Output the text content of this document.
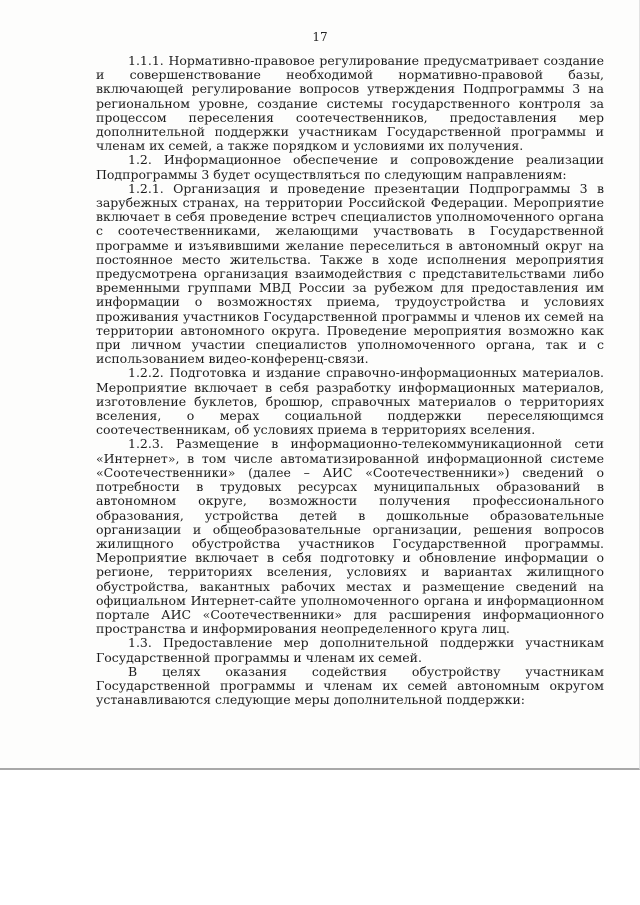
17

1.1.1. Нормативно-правовое регулирование предусматривает создание и совершенствование необходимой нормативно-правовой базы, включающей регулирование вопросов утверждения Подпрограммы 3 на региональном уровне, создание системы государственного контроля за процессом переселения соотечественников, предоставления мер дополнительной поддержки участникам Государственной программы и членам их семей, а также порядком и условиями их получения.

1.2. Информационное обеспечение и сопровождение реализации Подпрограммы 3 будет осуществляться по следующим направлениям:

1.2.1. Организация и проведение презентации Подпрограммы 3 в зарубежных странах, на территории Российской Федерации. Мероприятие включает в себя проведение встреч специалистов уполномоченного органа с соотечественниками, желающими участвовать в Государственной программе и изъявившими желание переселиться в автономный округ на постоянное место жительства. Также в ходе исполнения мероприятия предусмотрена организация взаимодействия с представительствами либо временными группами МВД России за рубежом для предоставления им информации о возможностях приема, трудоустройства и условиях проживания участников Государственной программы и членов их семей на территории автономного округа. Проведение мероприятия возможно как при личном участии специалистов уполномоченного органа, так и с использованием видео-конференц-связи.

1.2.2. Подготовка и издание справочно-информационных материалов. Мероприятие включает в себя разработку информационных материалов, изготовление буклетов, брошюр, справочных материалов о территориях вселения, о мерах социальной поддержки переселяющимся соотечественникам, об условиях приема в территориях вселения.

1.2.3. Размещение в информационно-телекоммуникационной сети «Интернет», в том числе автоматизированной информационной системе «Соотечественники» (далее – АИС «Соотечественники») сведений о потребности в трудовых ресурсах муниципальных образований в автономном округе, возможности получения профессионального образования, устройства детей в дошкольные образовательные организации и общеобразовательные организации, решения вопросов жилищного обустройства участников Государственной программы. Мероприятие включает в себя подготовку и обновление информации о регионе, территориях вселения, условиях и вариантах жилищного обустройства, вакантных рабочих местах и размещение сведений на официальном Интернет-сайте уполномоченного органа и информационном портале АИС «Соотечественники» для расширения информационного пространства и информирования неопределенного круга лиц.

1.3. Предоставление мер дополнительной поддержки участникам Государственной программы и членам их семей.

В целях оказания содействия обустройству участникам Государственной программы и членам их семей автономным округом устанавливаются следующие меры дополнительной поддержки:
